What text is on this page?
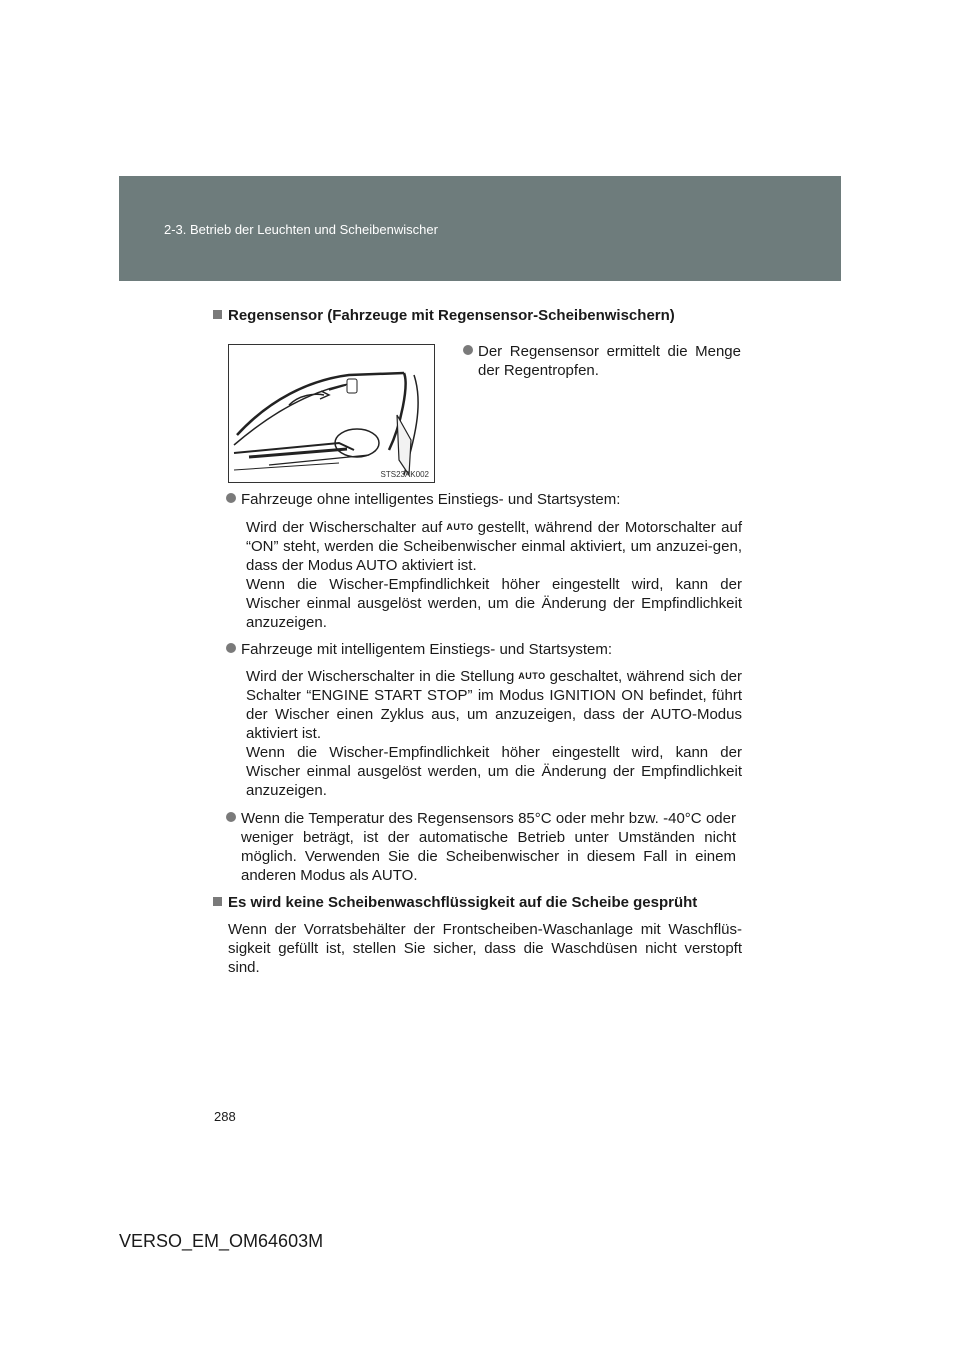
2-3. Betrieb der Leuchten und Scheibenwischer
Regensensor (Fahrzeuge mit Regensensor-Scheibenwischern)
STS23AK002
Der Regensensor ermittelt die Menge der Regentropfen.
Fahrzeuge ohne intelligentes Einstiegs- und Startsystem:
Wird der Wischerschalter auf AUTO gestellt, während der Motorschalter auf “ON” steht, werden die Scheibenwischer einmal aktiviert, um anzuzei-gen, dass der Modus AUTO aktiviert ist.
Wenn die Wischer-Empfindlichkeit höher eingestellt wird, kann der Wischer einmal ausgelöst werden, um die Änderung der Empfindlichkeit anzuzeigen.
Fahrzeuge mit intelligentem Einstiegs- und Startsystem:
Wird der Wischerschalter in die Stellung AUTO geschaltet, während sich der Schalter “ENGINE START STOP” im Modus IGNITION ON befindet, führt der Wischer einen Zyklus aus, um anzuzeigen, dass der AUTO-Modus aktiviert ist.
Wenn die Wischer-Empfindlichkeit höher eingestellt wird, kann der Wischer einmal ausgelöst werden, um die Änderung der Empfindlichkeit anzuzeigen.
Wenn die Temperatur des Regensensors 85°C oder mehr bzw. -40°C oder weniger beträgt, ist der automatische Betrieb unter Umständen nicht möglich. Verwenden Sie die Scheibenwischer in diesem Fall in einem anderen Modus als AUTO.
Es wird keine Scheibenwaschflüssigkeit auf die Scheibe gesprüht
Wenn der Vorratsbehälter der Frontscheiben-Waschanlage mit Waschflüs-sigkeit gefüllt ist, stellen Sie sicher, dass die Waschdüsen nicht verstopft sind.
288
VERSO_EM_OM64603M
